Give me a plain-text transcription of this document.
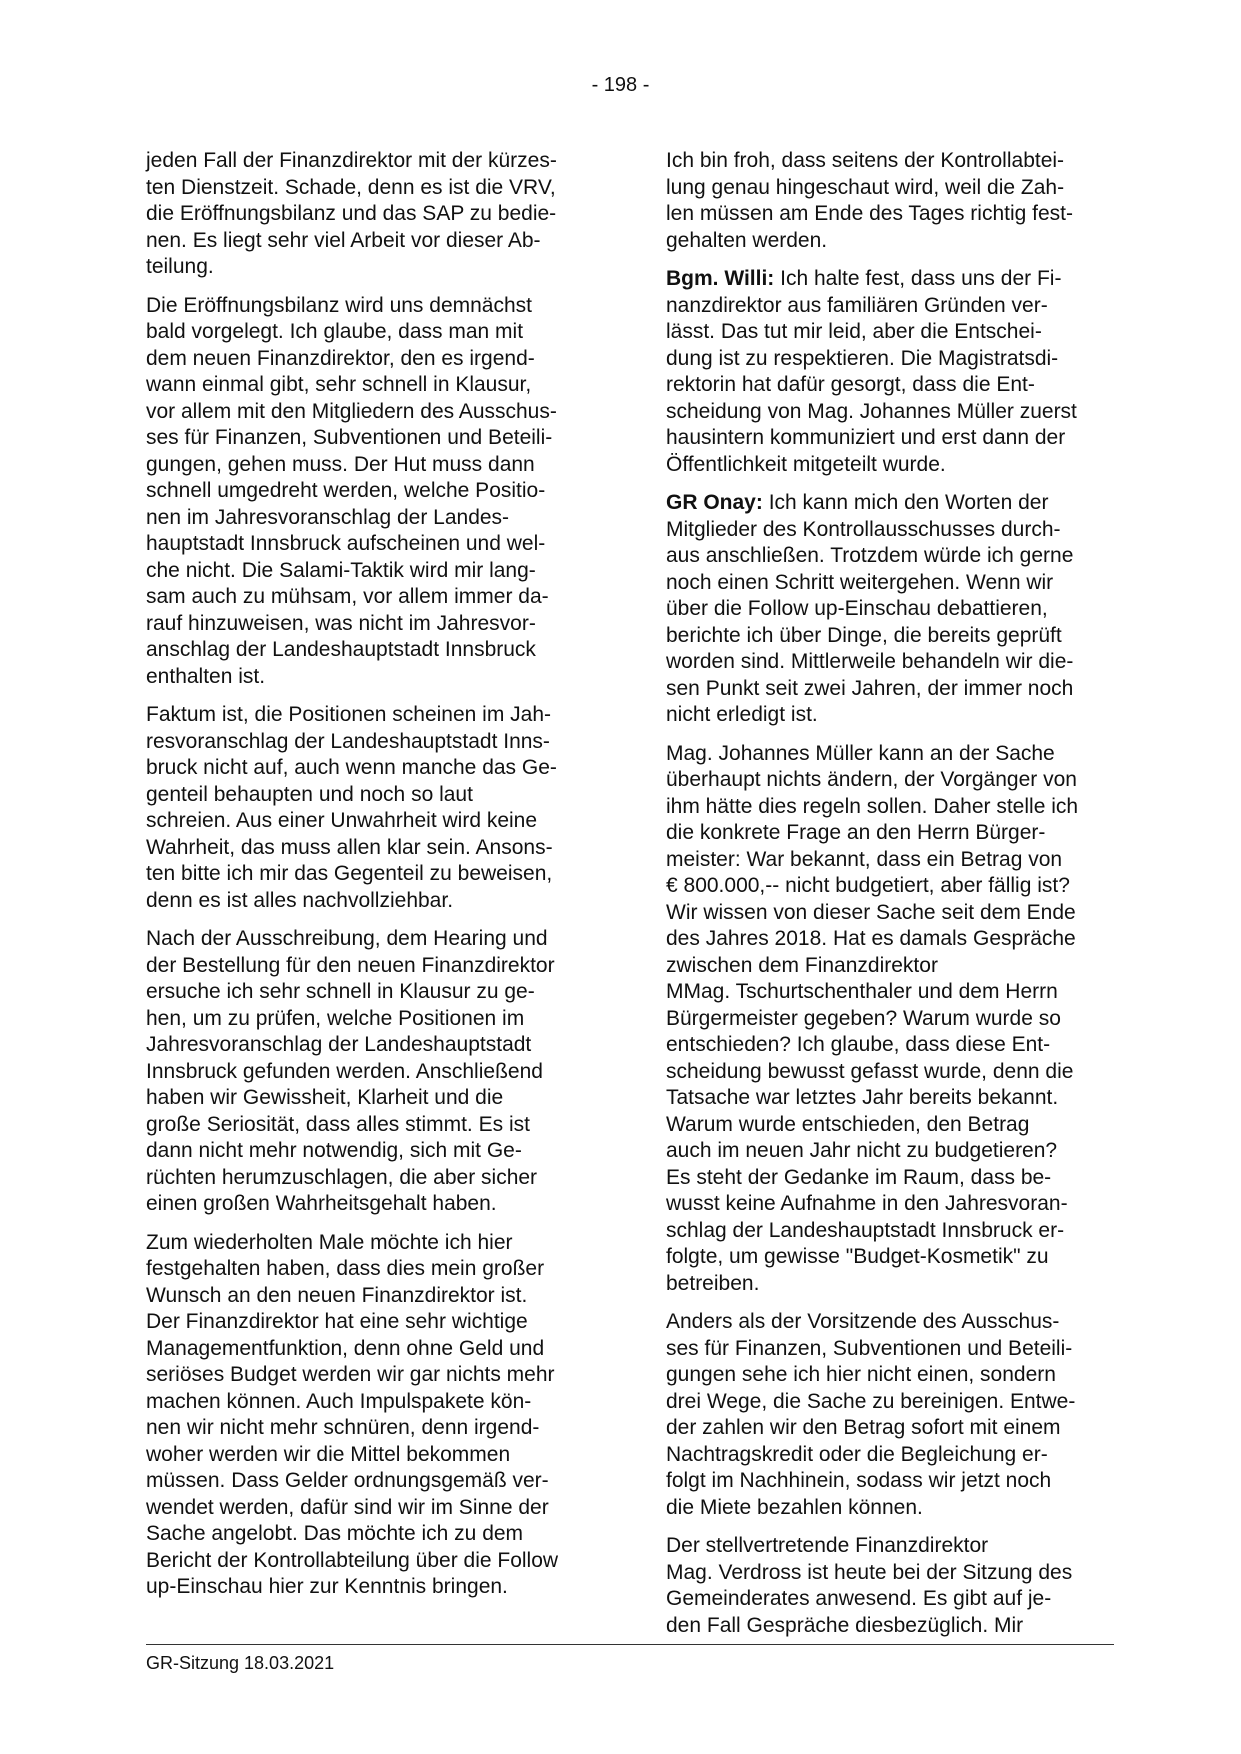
- 198 -

jeden Fall der Finanzdirektor mit der kürzes-
ten Dienstzeit. Schade, denn es ist die VRV,
die Eröffnungsbilanz und das SAP zu bedie-
nen. Es liegt sehr viel Arbeit vor dieser Ab-
teilung.

Die Eröffnungsbilanz wird uns demnächst
bald vorgelegt. Ich glaube, dass man mit
dem neuen Finanzdirektor, den es irgend-
wann einmal gibt, sehr schnell in Klausur,
vor allem mit den Mitgliedern des Ausschus-
ses für Finanzen, Subventionen und Beteili-
gungen, gehen muss. Der Hut muss dann
schnell umgedreht werden, welche Positio-
nen im Jahresvoranschlag der Landes-
hauptstadt Innsbruck aufscheinen und wel-
che nicht. Die Salami-Taktik wird mir lang-
sam auch zu mühsam, vor allem immer da-
rauf hinzuweisen, was nicht im Jahresvor-
anschlag der Landeshauptstadt Innsbruck
enthalten ist.

Faktum ist, die Positionen scheinen im Jah-
resvoranschlag der Landeshauptstadt Inns-
bruck nicht auf, auch wenn manche das Ge-
genteil behaupten und noch so laut
schreien. Aus einer Unwahrheit wird keine
Wahrheit, das muss allen klar sein. Ansons-
ten bitte ich mir das Gegenteil zu beweisen,
denn es ist alles nachvollziehbar.

Nach der Ausschreibung, dem Hearing und
der Bestellung für den neuen Finanzdirektor
ersuche ich sehr schnell in Klausur zu ge-
hen, um zu prüfen, welche Positionen im
Jahresvoranschlag der Landeshauptstadt
Innsbruck gefunden werden. Anschließend
haben wir Gewissheit, Klarheit und die
große Seriosität, dass alles stimmt. Es ist
dann nicht mehr notwendig, sich mit Ge-
rüchten herumzuschlagen, die aber sicher
einen großen Wahrheitsgehalt haben.

Zum wiederholten Male möchte ich hier
festgehalten haben, dass dies mein großer
Wunsch an den neuen Finanzdirektor ist.
Der Finanzdirektor hat eine sehr wichtige
Managementfunktion, denn ohne Geld und
seriöses Budget werden wir gar nichts mehr
machen können. Auch Impulspakete kön-
nen wir nicht mehr schnüren, denn irgend-
woher werden wir die Mittel bekommen
müssen. Dass Gelder ordnungsgemäß ver-
wendet werden, dafür sind wir im Sinne der
Sache angelobt. Das möchte ich zu dem
Bericht der Kontrollabteilung über die Follow
up-Einschau hier zur Kenntnis bringen.

Ich bin froh, dass seitens der Kontrollabtei-
lung genau hingeschaut wird, weil die Zah-
len müssen am Ende des Tages richtig fest-
gehalten werden.

Bgm. Willi: Ich halte fest, dass uns der Fi-
nanzdirektor aus familiären Gründen ver-
lässt. Das tut mir leid, aber die Entschei-
dung ist zu respektieren. Die Magistratsdi-
rektorin hat dafür gesorgt, dass die Ent-
scheidung von Mag. Johannes Müller zuerst
hausintern kommuniziert und erst dann der
Öffentlichkeit mitgeteilt wurde.

GR Onay: Ich kann mich den Worten der
Mitglieder des Kontrollausschusses durch-
aus anschließen. Trotzdem würde ich gerne
noch einen Schritt weitergehen. Wenn wir
über die Follow up-Einschau debattieren,
berichte ich über Dinge, die bereits geprüft
worden sind. Mittlerweile behandeln wir die-
sen Punkt seit zwei Jahren, der immer noch
nicht erledigt ist.

Mag. Johannes Müller kann an der Sache
überhaupt nichts ändern, der Vorgänger von
ihm hätte dies regeln sollen. Daher stelle ich
die konkrete Frage an den Herrn Bürger-
meister: War bekannt, dass ein Betrag von
€ 800.000,-- nicht budgetiert, aber fällig ist?
Wir wissen von dieser Sache seit dem Ende
des Jahres 2018. Hat es damals Gespräche
zwischen dem Finanzdirektor
MMag. Tschurtschenthaler und dem Herrn
Bürgermeister gegeben? Warum wurde so
entschieden? Ich glaube, dass diese Ent-
scheidung bewusst gefasst wurde, denn die
Tatsache war letztes Jahr bereits bekannt.
Warum wurde entschieden, den Betrag
auch im neuen Jahr nicht zu budgetieren?
Es steht der Gedanke im Raum, dass be-
wusst keine Aufnahme in den Jahresvoran-
schlag der Landeshauptstadt Innsbruck er-
folgte, um gewisse "Budget-Kosmetik" zu
betreiben.

Anders als der Vorsitzende des Ausschus-
ses für Finanzen, Subventionen und Beteili-
gungen sehe ich hier nicht einen, sondern
drei Wege, die Sache zu bereinigen. Entwe-
der zahlen wir den Betrag sofort mit einem
Nachtragskredit oder die Begleichung er-
folgt im Nachhinein, sodass wir jetzt noch
die Miete bezahlen können.

Der stellvertretende Finanzdirektor
Mag. Verdross ist heute bei der Sitzung des
Gemeinderates anwesend. Es gibt auf je-
den Fall Gespräche diesbezüglich. Mir

GR-Sitzung 18.03.2021
